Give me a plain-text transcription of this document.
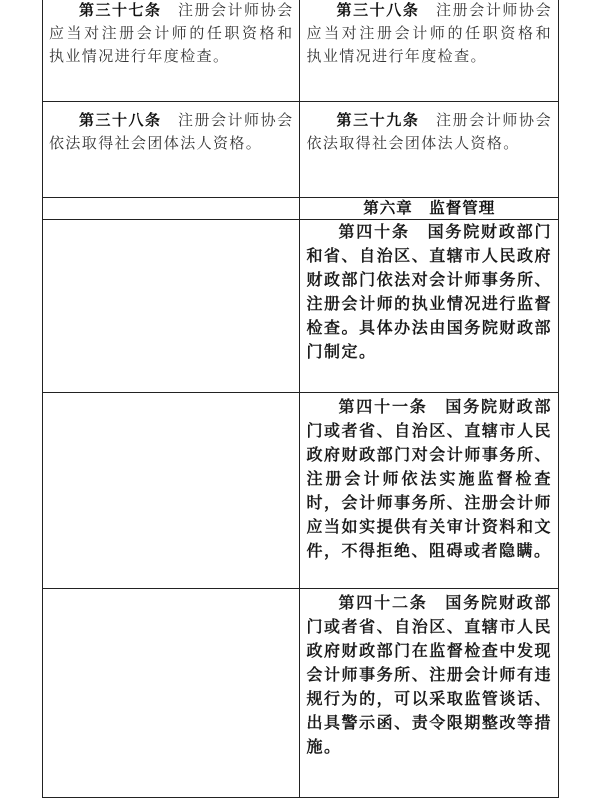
第三十七条　注册会计师协会应当对注册会计师的任职资格和执业情况进行年度检查。	第三十八条　注册会计师协会应当对注册会计师的任职资格和执业情况进行年度检查。

第三十八条　注册会计师协会依法取得社会团体法人资格。	第三十九条　注册会计师协会依法取得社会团体法人资格。

	第六章　监督管理

	第四十条　国务院财政部门和省、自治区、直辖市人民政府财政部门依法对会计师事务所、注册会计师的执业情况进行监督检查。具体办法由国务院财政部门制定。

	第四十一条　国务院财政部门或者省、自治区、直辖市人民政府财政部门对会计师事务所、注册会计师依法实施监督检查时，会计师事务所、注册会计师应当如实提供有关审计资料和文件，不得拒绝、阻碍或者隐瞒。

	第四十二条　国务院财政部门或者省、自治区、直辖市人民政府财政部门在监督检查中发现会计师事务所、注册会计师有违规行为的，可以采取监管谈话、出具警示函、责令限期整改等措施。
